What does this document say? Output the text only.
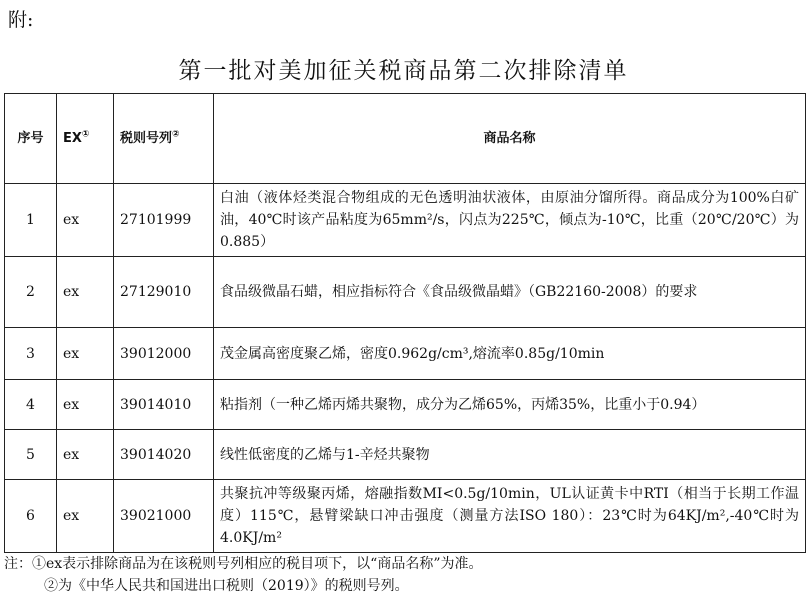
附:
第一批对美加征关税商品第二次排除清单
序号	EX①	税则号列②	商品名称
1	ex	27101999	白油（液体烃类混合物组成的无色透明油状液体，由原油分馏所得。商品成分为100%白矿油，40℃时该产品粘度为65mm²/s，闪点为225℃，倾点为-10℃，比重（20℃/20℃）为0.885）
2	ex	27129010	食品级微晶石蜡，相应指标符合《食品级微晶蜡》（GB22160-2008）的要求
3	ex	39012000	茂金属高密度聚乙烯，密度0.962g/cm³,熔流率0.85g/10min
4	ex	39014010	粘指剂（一种乙烯丙烯共聚物，成分为乙烯65%，丙烯35%，比重小于0.94）
5	ex	39014020	线性低密度的乙烯与1-辛烃共聚物
6	ex	39021000	共聚抗冲等级聚丙烯，熔融指数MI<0.5g/10min，UL认证黄卡中RTI（相当于长期工作温度）115℃，悬臂梁缺口冲击强度（测量方法ISO 180）：23℃时为64KJ/m²,-40℃时为4.0KJ/m²
注：①ex表示排除商品为在该税则号列相应的税目项下，以“商品名称”为准。
②为《中华人民共和国进出口税则（2019）》的税则号列。
